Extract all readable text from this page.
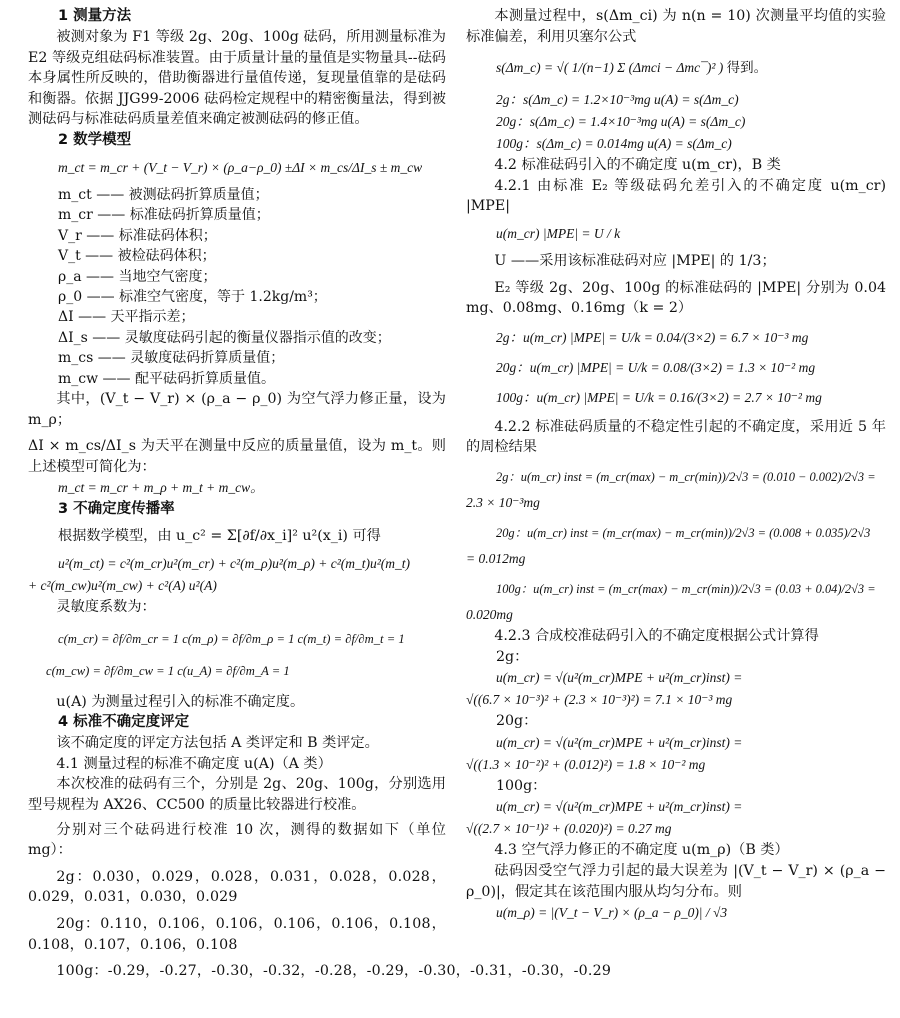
1 测量方法

被测对象为 F1 等级 2g、20g、100g 砝码，所用测量标准为 E2 等级克组砝码标准装置。由于质量计量的量值是实物量具--砝码本身属性所反映的，借助衡器进行量值传递，复现量值靠的是砝码和衡器。依据 JJG99-2006 砝码检定规程中的精密衡量法，得到被测砝码与标准砝码质量差值来确定被测砝码的修正值。

2 数学模型

m_ct = m_cr + (V_t − V_r) × (ρ_a−ρ_0) ±ΔI × m_cs/ΔI_s ± m_cw

m_ct —— 被测砝码折算质量值；

m_cr —— 标准砝码折算质量值；

V_r —— 标准砝码体积；

V_t —— 被检砝码体积；

ρ_a —— 当地空气密度；

ρ_0 —— 标准空气密度，等于 1.2kg/m³；

ΔI —— 天平指示差；

ΔI_s —— 灵敏度砝码引起的衡量仪器指示值的改变；

m_cs —— 灵敏度砝码折算质量值；

m_cw —— 配平砝码折算质量值。

其中，(V_t − V_r) × (ρ_a − ρ_0) 为空气浮力修正量，设为 m_ρ；

ΔI × m_cs/ΔI_s 为天平在测量中反应的质量量值，设为 m_t。则上述模型可简化为：

m_ct = m_cr + m_ρ + m_t + m_cw。

3 不确定度传播率

根据数学模型，由 u_c² = Σ[∂f/∂x_i]² u²(x_i) 可得

u²(m_ct) = c²(m_cr)u²(m_cr) + c²(m_ρ)u²(m_ρ) + c²(m_t)u²(m_t)

+ c²(m_cw)u²(m_cw) + c²(A) u²(A)

灵敏度系数为：

c(m_cr) = ∂f/∂m_cr = 1 c(m_ρ) = ∂f/∂m_ρ = 1 c(m_t) = ∂f/∂m_t = 1

c(m_cw) = ∂f/∂m_cw = 1 c(u_A) = ∂f/∂m_A = 1

u(A) 为测量过程引入的标准不确定度。

4 标准不确定度评定

该不确定度的评定方法包括 A 类评定和 B 类评定。

4.1 测量过程的标准不确定度 u(A)（A 类）

本次校准的砝码有三个，分别是 2g、20g、100g，分别选用型号规程为 AX26、CC500 的质量比较器进行校准。

分别对三个砝码进行校准 10 次，测得的数据如下（单位 mg）：

2g：0.030，0.029，0.028，0.031，0.028，0.028，0.029，0.031，0.030，0.029

20g：0.110，0.106，0.106，0.106，0.106，0.108，0.108，0.107，0.106，0.108

100g：-0.29，-0.27，-0.30，-0.32，-0.28，-0.29，-0.30，-0.31，-0.30，-0.29

本测量过程中，s(Δm_ci) 为 n(n = 10) 次测量平均值的实验标准偏差，利用贝塞尔公式

s(Δm_c) = √( 1/(n−1) Σ (Δmci − Δmc¯)² ) 得到。

2g：s(Δm_c) = 1.2×10⁻³mg u(A) = s(Δm_c)

20g：s(Δm_c) = 1.4×10⁻³mg u(A) = s(Δm_c)

100g：s(Δm_c) = 0.014mg u(A) = s(Δm_c)

4.2 标准砝码引入的不确定度 u(m_cr)，B 类

4.2.1 由标准 E₂ 等级砝码允差引入的不确定度 u(m_cr) |MPE|

u(m_cr) |MPE| = U / k

U ——采用该标准砝码对应 |MPE| 的 1/3；

E₂ 等级 2g、20g、100g 的标准砝码的 |MPE| 分别为 0.04 mg、0.08mg、0.16mg（k = 2）

2g：u(m_cr) |MPE| = U/k = 0.04/(3×2) = 6.7 × 10⁻³ mg

20g：u(m_cr) |MPE| = U/k = 0.08/(3×2) = 1.3 × 10⁻² mg

100g：u(m_cr) |MPE| = U/k = 0.16/(3×2) = 2.7 × 10⁻² mg

4.2.2 标准砝码质量的不稳定性引起的不确定度，采用近 5 年的周检结果

2g：u(m_cr) inst = (m_cr(max) − m_cr(min))/2√3 = (0.010 − 0.002)/2√3 =

2.3 × 10⁻³mg

20g：u(m_cr) inst = (m_cr(max) − m_cr(min))/2√3 = (0.008 + 0.035)/2√3

= 0.012mg

100g：u(m_cr) inst = (m_cr(max) − m_cr(min))/2√3 = (0.03 + 0.04)/2√3 =

0.020mg

4.2.3 合成校准砝码引入的不确定度根据公式计算得

2g：

u(m_cr) = √(u²(m_cr)MPE + u²(m_cr)inst) =

√((6.7 × 10⁻³)² + (2.3 × 10⁻³)²) = 7.1 × 10⁻³ mg

20g：

u(m_cr) = √(u²(m_cr)MPE + u²(m_cr)inst) =

√((1.3 × 10⁻²)² + (0.012)²) = 1.8 × 10⁻² mg

100g：

u(m_cr) = √(u²(m_cr)MPE + u²(m_cr)inst) =

√((2.7 × 10⁻¹)² + (0.020)²) = 0.27 mg

4.3 空气浮力修正的不确定度 u(m_ρ)（B 类）

砝码因受空气浮力引起的最大误差为 |(V_t − V_r) × (ρ_a − ρ_0)|，假定其在该范围内服从均匀分布。则

u(m_ρ) = |(V_t − V_r) × (ρ_a − ρ_0)| / √3
